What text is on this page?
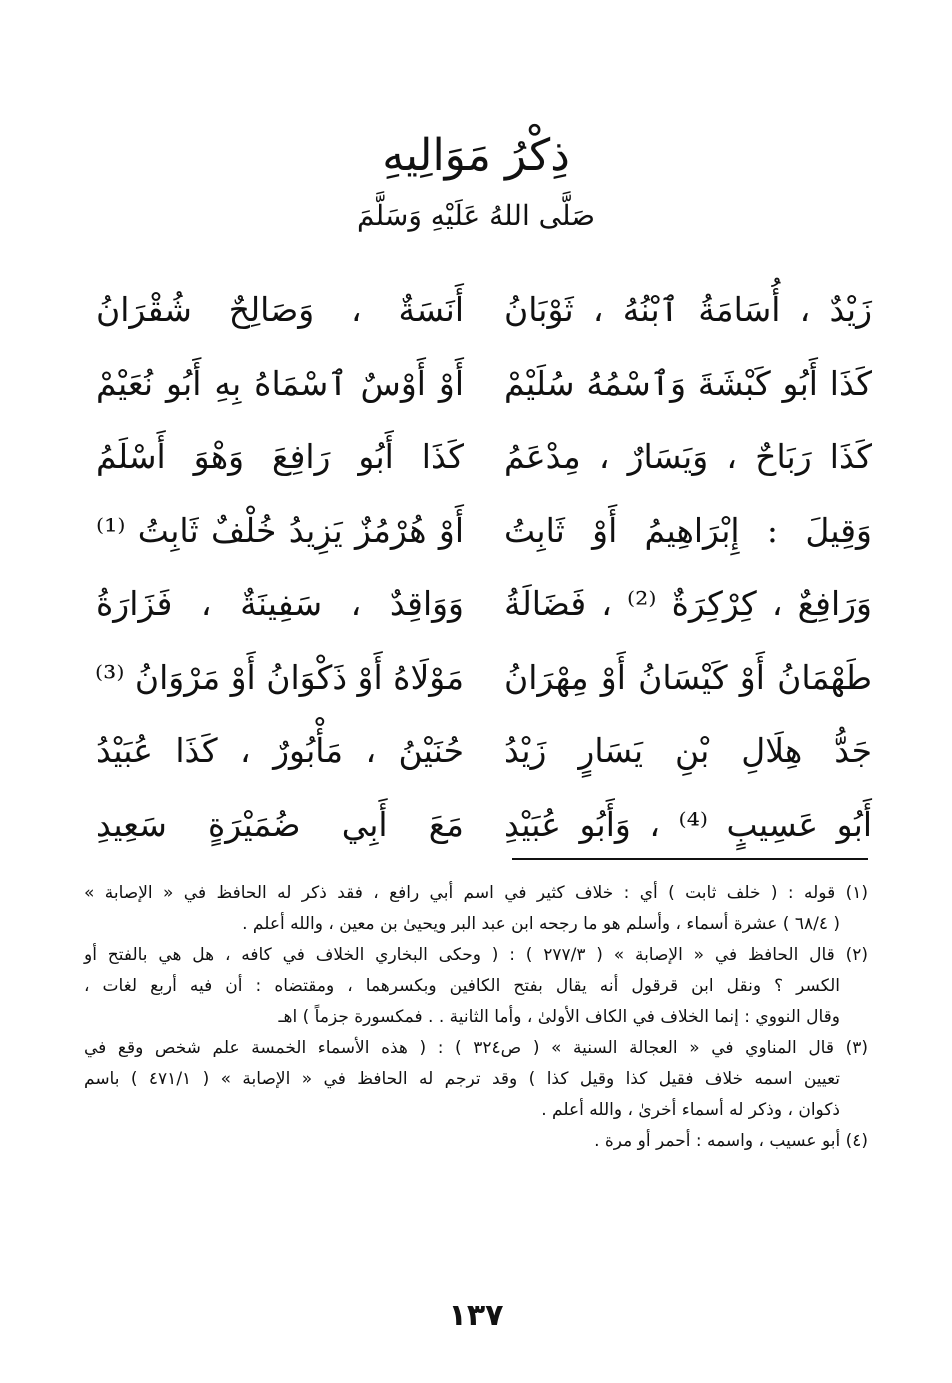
ذِكْرُ مَوَالِيهِ
صَلَّى اللهُ عَلَيْهِ وَسَلَّمَ
زَيْدٌ ، أُسَامَةُ ٱبْنُهُ ، ثَوْبَانُ
أَنَسَةٌ ، وَصَالِحٌ شُقْرَانُ
كَذَا أَبُو كَبْشَةَ وَٱسْمُهُ سُلَيْمْ
أَوْ أَوْسٌ ٱسْمَاهُ بِهِ أَبُو نُعَيْمْ
كَذَا رَبَاحٌ ، وَيَسَارٌ ، مِدْعَمُ
كَذَا أَبُو رَافِعَ وَهْوَ أَسْلَمُ
وَقِيلَ : إِبْرَاهِيمُ أَوْ ثَابِتُ
أَوْ هُرْمُزٌ يَزِيدُ خُلْفٌ ثَابِتُ ⁽¹⁾
وَرَافِعٌ ، كِرْكِرَةٌ ⁽²⁾ ، فَضَالَةُ
وَوَاقِدٌ ، سَفِينَةٌ ، فَزَارَةُ
طَهْمَانُ أَوْ كَيْسَانُ أَوْ مِهْرَانُ
مَوْلَاهُ أَوْ ذَكْوَانُ أَوْ مَرْوَانُ ⁽³⁾
جَدُّ هِلَالِ بْنِ يَسَارٍ زَيْدُ
حُنَيْنُ ، مَأْبُورٌ ، كَذَا عُبَيْدُ
أَبُو عَسِيبٍ ⁽⁴⁾ ، وَأَبُو عُبَيْدِ
مَعَ أَبِي ضُمَيْرَةٍ سَعِيدِ
(١) قوله : ( خلف ثابت ) أي : خلاف كثير في اسم أبي رافع ، فقد ذكر له الحافظ في « الإصابة »
( ٦٨/٤ ) عشرة أسماء ، وأسلم هو ما رجحه ابن عبد البر ويحيىٰ بن معين ، والله أعلم .
(٢) قال الحافظ في « الإصابة » ( ٢٧٧/٣ ) : ( وحكى البخاري الخلاف في كافه ، هل هي بالفتح أو
الكسر ؟ ونقل ابن قرقول أنه يقال بفتح الكافين وبكسرهما ، ومقتضاه : أن فيه أربع لغات ،
وقال النووي : إنما الخلاف في الكاف الأولىٰ ، وأما الثانية . . فمكسورة جزماً ) اهـ
(٣) قال المناوي في « العجالة السنية » ( ص٣٢٤ ) : ( هذه الأسماء الخمسة علم شخص وقع في
تعيين اسمه خلاف فقيل كذا وقيل كذا ) وقد ترجم له الحافظ في « الإصابة » ( ٤٧١/١ ) باسم
ذكوان ، وذكر له أسماء أخرىٰ ، والله أعلم .
(٤) أبو عسيب ، واسمه : أحمر أو مرة .
١٣٧
